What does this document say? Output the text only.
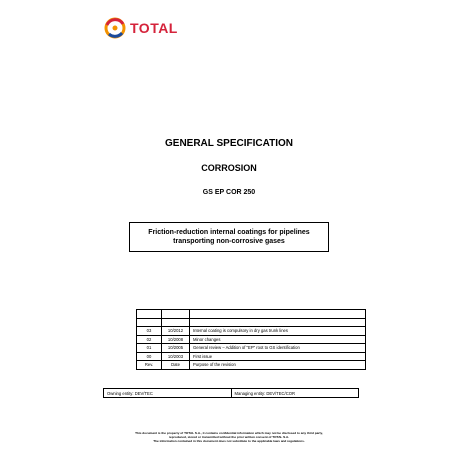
TOTAL
GENERAL SPECIFICATION
CORROSION
GS EP COR 250
Friction-reduction internal coatings for pipelines
transporting non-corrosive gases

03	10/2012	Internal coating is compulsory in dry gas trunk lines
02	10/2008	Minor changes
01	10/2005	General review – Addition of "EP" root to GS identification
00	10/2003	First issue
Rev.	Date	Purpose of the revision
Owning entity: DEV/TEC	Managing entity: DEV/TEC/COR
This document is the property of TOTAL S.A., it contains confidential information which may not be disclosed to any third party,
reproduced, stored or transmitted without the prior written consent of TOTAL S.A.
The information contained in this document does not substitute to the applicable laws and regulations.
